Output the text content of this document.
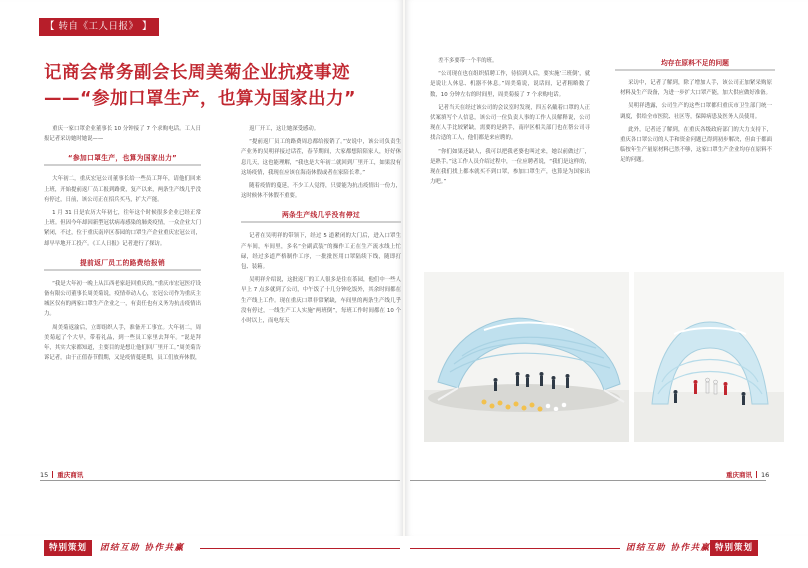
【 转自《工人日报》 】
记商会常务副会长周美菊企业抗疫事迹——“参加口罩生产，也算为国家出力”

重庆一家口罩企业董事长 10 分钟接了 7 个求购电话。工人日报记者采访她时她说——

“参加口罩生产，也算为国家出力”

大年初二，重庆宏冠公司董事长给一些员工拜年，请他们回来上班，开始提前返厂员工报到路费，复产以来，两条生产线几乎没有停过，日前，该公司正在招兵买马，扩大产能。

1 月 31 日是农历大年初七，往年这个时候很多企业已经正常上班。但因今年却因新型冠状病毒感染的肺炎疫情，一众企业大门紧闭，不过，位于重庆南岸区茶园的口罩生产企业重庆宏冠公司，却早早地开工投产。《工人日报》记者进行了探访。

提前返厂员工的路费给报销

“我是大年初一晚上从江西老家赶回重庆的。”重庆市宏冠医疗设备有限公司董事长周美菊说，疫情牵动人心，宏冠公司作为重庆主城区仅有的两家口罩生产企业之一，有责任也有义务为抗击疫情出力。

周美菊返渝后，立即组织人手，准备开工事宜。大年初二，周美菊起了个大早，带着礼品，到一些员工家里去拜年。“说是拜年，其实大家都知道，主要目的是想让他们回厂里开工。”周美菊告诉记者，由于正值春节假期，又是疫情蔓延期，员工们放弃休假，

返厂开工，这让她深受感动。

“提前返厂员工的路费周总都给报销了。”安说中，该公司负责生产业务的吴明祥接过话茬，春节期间，大家都想陪陪家人，好好休息几天，这也能理解，“我也是大年初二就回到厂里开工，如果没有这场疫情，我现在应该在海南休假或者在家陪长辈。”

随着疫情的蔓延，不少工人觉得，只要能为抗击疫情出一份力，这时候休不休假不重要。

两条生产线几乎没有停过

记者在吴明祥的带领下，经过 5 道紧闭的大门后，进入口罩生产车间，车间里，多名“全副武装”的操作工正在生产流水线上忙碌，经过多道严格制作工序，一批批医用口罩陆续下线，随即打包、装箱。

吴明祥介绍说，这批返厂的工人很多是住在茶园，他们中一些人早上 7 点多就到了公司，中午饭了十几分钟吃饭外，其余时间都在生产线上工作。现在重庆口罩非常紧缺，车间里的两条生产线几乎没有停过，一线生产工人实施“两班倒”，每班工作时间都在 10 个小时以上，而电每天

15 重庆商讯

差不多要带一个半的班。

“公司现在也在组织招聘工作，待招到人后，要实施‘三班倒’，就是说让人休息、机器不休息。”周美菊说，说话间，记者粗略数了数，10 分钟左右的时间里，周美菊接了 7 个求购电话。

记者当天在经过该公司的会议室时发现，四五名戴着口罩的人正伏案填写个人信息，该公司一位负责人事的工作人员解释说，公司现在人手比较紧缺，需要的是熟手，南岸区相关部门也在帮公司寻找合适的工人，他们都是来应聘的。

“你们如果还缺人，我可以把我老婆也叫过来，她以前做过厂，是熟手。”这工作人员介绍过程中，一位应聘者说，“我们是这样的，现在我们找上都本就买不到口罩，参加口罩生产，也算是为国家出力吧。”

均存在原料不足的问题

采访中，记者了解到，除了增加人手，该公司正加紧采购原材料及生产设备，为进一步扩大口罩产能，加大供应做好准备。

吴明祥透露，公司生产的这些口罩都归重庆市卫生部门统一调度，供给全市医院、社区等，保障病患及医务人员使用。

此外，记者还了解到，在重庆各级政府部门的大力支持下，重庆各口罩公司的人手和资金问题已得到初步解决，但由于都面临按年生产量原材料已然不够，这家口罩生产企业均存在原料不足的问题。

重庆商讯 16
特别策划	团结互助 协作共赢	团结互助 协作共赢 特别策划
